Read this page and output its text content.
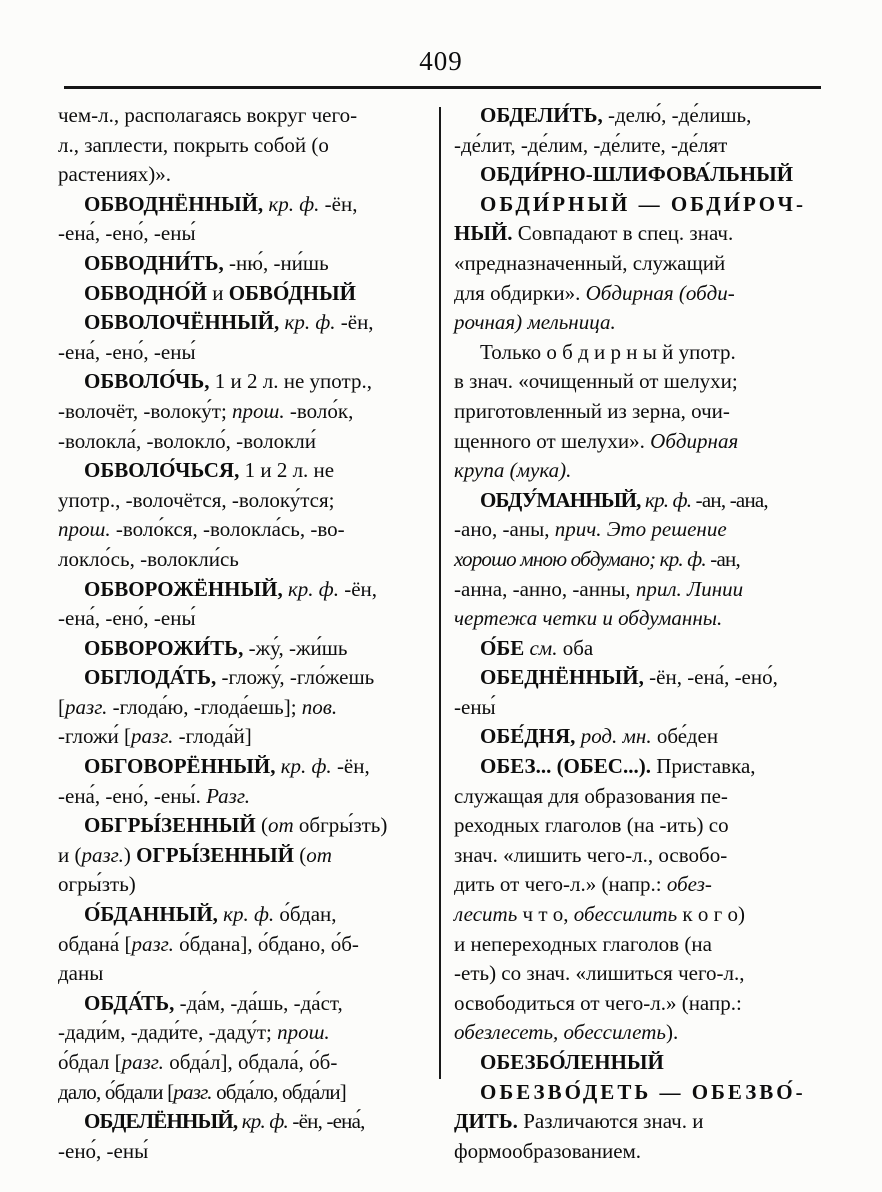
409
чем-л., располагаясь вокруг чего-
л., заплести, покрыть собой (о
растениях)».
ОБВОДНЁННЫЙ, кр. ф. -ён,
-ена́, -ено́, -ены́
ОБВОДНИ́ТЬ, -ню́, -ни́шь
ОБВОДНО́Й и ОБВО́ДНЫЙ
ОБВОЛОЧЁННЫЙ, кр. ф. -ён,
-ена́, -ено́, -ены́
ОБВОЛО́ЧЬ, 1 и 2 л. не употр.,
-волочёт, -волоку́т; прош. -воло́к,
-волокла́, -волокло́, -волокли́
ОБВОЛО́ЧЬСЯ, 1 и 2 л. не
употр., -волочётся, -волоку́тся;
прош. -воло́кся, -волокла́сь, -во-
локло́сь, -волокли́сь
ОБВОРОЖЁННЫЙ, кр. ф. -ён,
-ена́, -ено́, -ены́
ОБВОРОЖИ́ТЬ, -жу́, -жи́шь
ОБГЛОДА́ТЬ, -гложу́, -гло́жешь
[разг. -глода́ю, -глода́ешь]; пов.
-гложи́ [разг. -глода́й]
ОБГОВОРЁННЫЙ, кр. ф. -ён,
-ена́, -ено́, -ены́. Разг.
ОБГРЫ́ЗЕННЫЙ (от обгры́зть)
и (разг.) ОГРЫ́ЗЕННЫЙ (от
огры́зть)
О́БДАННЫЙ, кр. ф. о́бдан,
обдана́ [разг. о́бдана], о́бдано, о́б-
даны
ОБДА́ТЬ, -да́м, -да́шь, -да́ст,
-дади́м, -дади́те, -даду́т; прош.
о́бдал [разг. обда́л], обдала́, о́б-
дало, о́бдали [разг. обда́ло, обда́ли]
ОБДЕЛЁННЫЙ, кр. ф. -ён, -ена́,
-ено́, -ены́
ОБДЕЛИ́ТЬ, -делю́, -де́лишь,
-де́лит, -де́лим, -де́лите, -де́лят
ОБДИ́РНО-ШЛИФОВА́ЛЬНЫЙ
ОБДИ́РНЫЙ — ОБДИ́РОЧ-
НЫЙ. Совпадают в спец. знач.
«предназначенный, служащий
для обдирки». Обдирная (обди-
рочная) мельница.
Только о б д и р н ы й употр.
в знач. «очищенный от шелухи;
приготовленный из зерна, очи-
щенного от шелухи». Обдирная
крупа (мука).
ОБДУ́МАННЫЙ, кр. ф. -ан, -ана,
-ано, -аны, прич. Это решение
хорошо мною обдумано; кр. ф. -ан,
-анна, -анно, -анны, прил. Линии
чертежа четки и обдуманны.
О́БЕ см. оба
ОБЕДНЁННЫЙ, -ён, -ена́, -ено́,
-ены́
ОБЕ́ДНЯ, род. мн. обе́ден
ОБЕЗ... (ОБЕС...). Приставка,
служащая для образования пе-
реходных глаголов (на -ить) со
знач. «лишить чего-л., освобо-
дить от чего-л.» (напр.: обез-
лесить ч т о, обессилить к о г о)
и непереходных глаголов (на
-еть) со знач. «лишиться чего-л.,
освободиться от чего-л.» (напр.:
обезлесеть, обессилеть).
ОБЕЗБО́ЛЕННЫЙ
ОБЕЗВО́ДЕТЬ — ОБЕЗВО́-
ДИТЬ. Различаются знач. и
формообразованием.
